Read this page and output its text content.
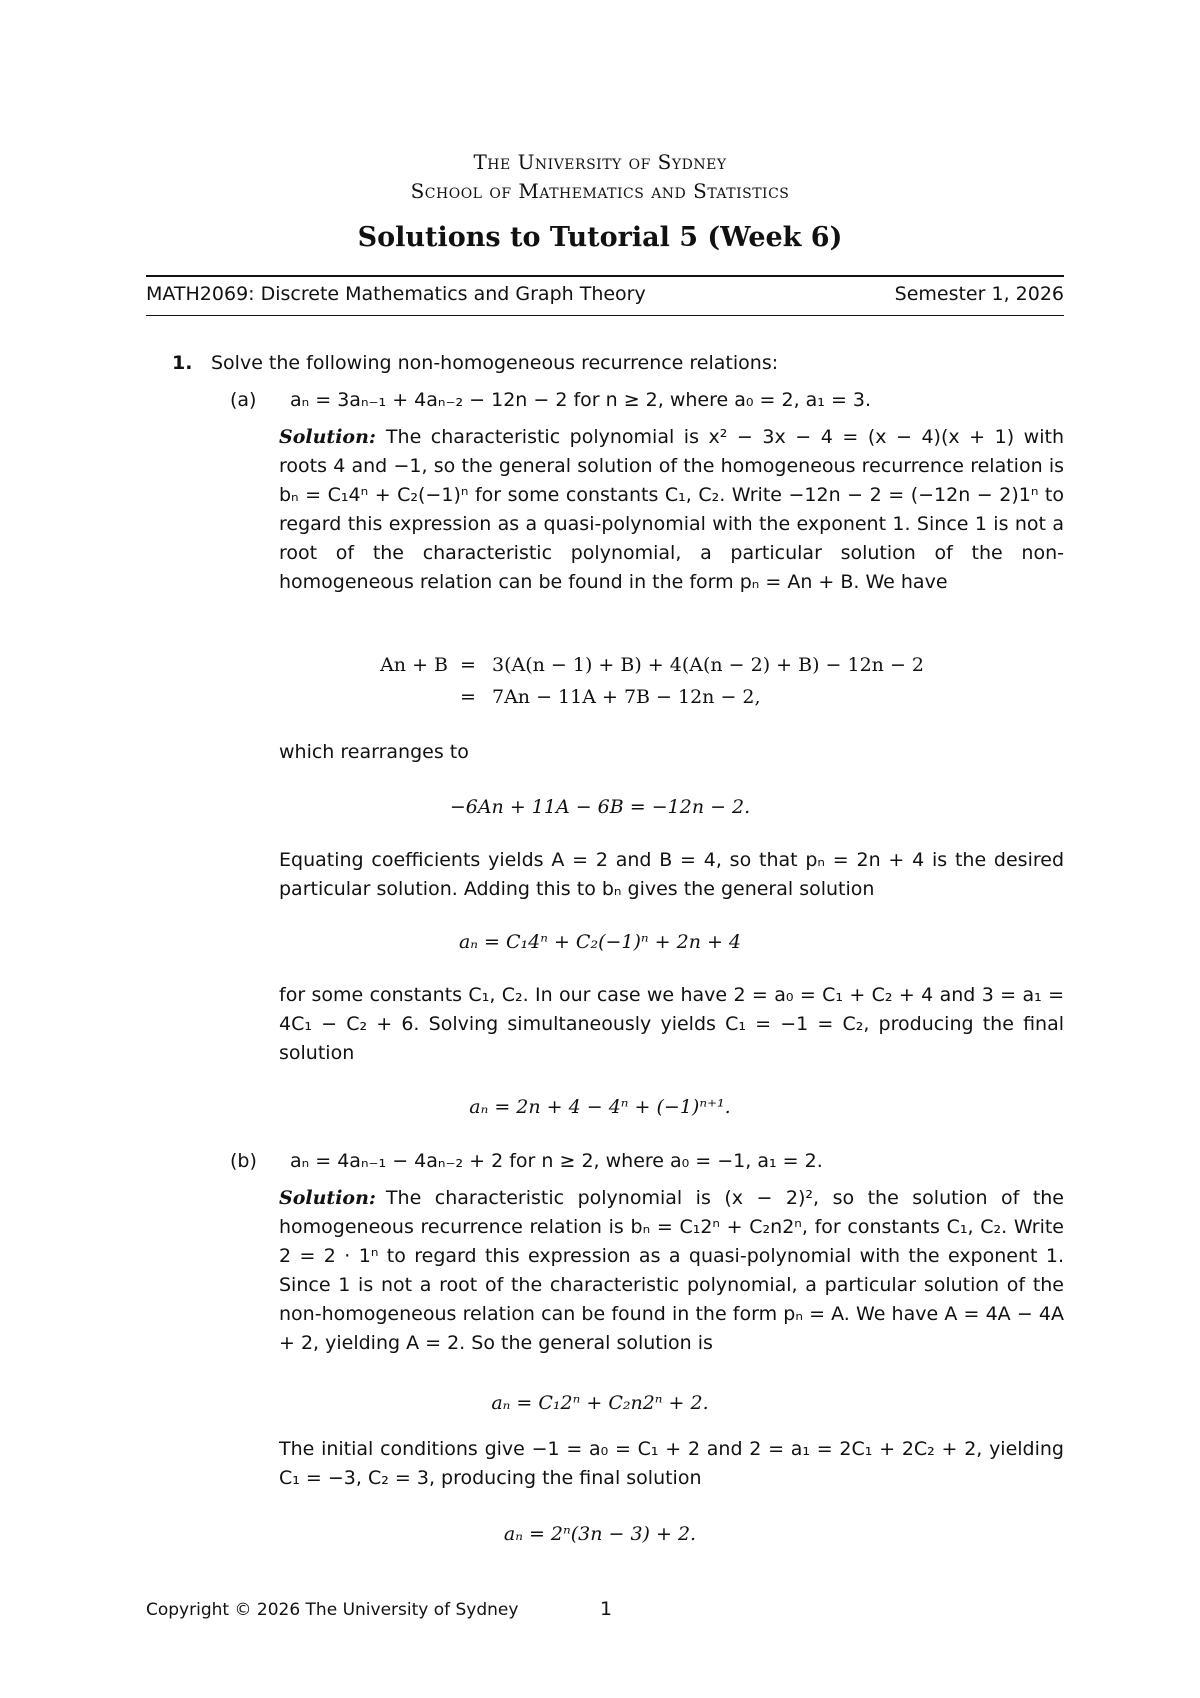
The University of Sydney
School of Mathematics and Statistics
Solutions to Tutorial 5 (Week 6)
MATH2069: Discrete Mathematics and Graph Theory	Semester 1, 2026
1. Solve the following non-homogeneous recurrence relations:
(a) aₙ = 3aₙ₋₁ + 4aₙ₋₂ − 12n − 2 for n ≥ 2, where a₀ = 2, a₁ = 3.
Solution: The characteristic polynomial is x² − 3x − 4 = (x − 4)(x + 1) with roots 4 and −1, so the general solution of the homogeneous recurrence relation is bₙ = C₁4ⁿ + C₂(−1)ⁿ for some constants C₁, C₂. Write −12n − 2 = (−12n − 2)1ⁿ to regard this expression as a quasi-polynomial with the exponent 1. Since 1 is not a root of the characteristic polynomial, a particular solution of the non-homogeneous relation can be found in the form pₙ = An + B. We have
An + B = 3(A(n − 1) + B) + 4(A(n − 2) + B) − 12n − 2
= 7An − 11A + 7B − 12n − 2,
which rearranges to
−6An + 11A − 6B = −12n − 2.
Equating coefficients yields A = 2 and B = 4, so that pₙ = 2n + 4 is the desired particular solution. Adding this to bₙ gives the general solution
aₙ = C₁4ⁿ + C₂(−1)ⁿ + 2n + 4
for some constants C₁, C₂. In our case we have 2 = a₀ = C₁ + C₂ + 4 and 3 = a₁ = 4C₁ − C₂ + 6. Solving simultaneously yields C₁ = −1 = C₂, producing the final solution
aₙ = 2n + 4 − 4ⁿ + (−1)ⁿ⁺¹.
(b) aₙ = 4aₙ₋₁ − 4aₙ₋₂ + 2 for n ≥ 2, where a₀ = −1, a₁ = 2.
Solution: The characteristic polynomial is (x − 2)², so the solution of the homogeneous recurrence relation is bₙ = C₁2ⁿ + C₂n2ⁿ, for constants C₁, C₂. Write 2 = 2 · 1ⁿ to regard this expression as a quasi-polynomial with the exponent 1. Since 1 is not a root of the characteristic polynomial, a particular solution of the non-homogeneous relation can be found in the form pₙ = A. We have A = 4A − 4A + 2, yielding A = 2. So the general solution is
aₙ = C₁2ⁿ + C₂n2ⁿ + 2.
The initial conditions give −1 = a₀ = C₁ + 2 and 2 = a₁ = 2C₁ + 2C₂ + 2, yielding C₁ = −3, C₂ = 3, producing the final solution
aₙ = 2ⁿ(3n − 3) + 2.
Copyright © 2026 The University of Sydney	1
